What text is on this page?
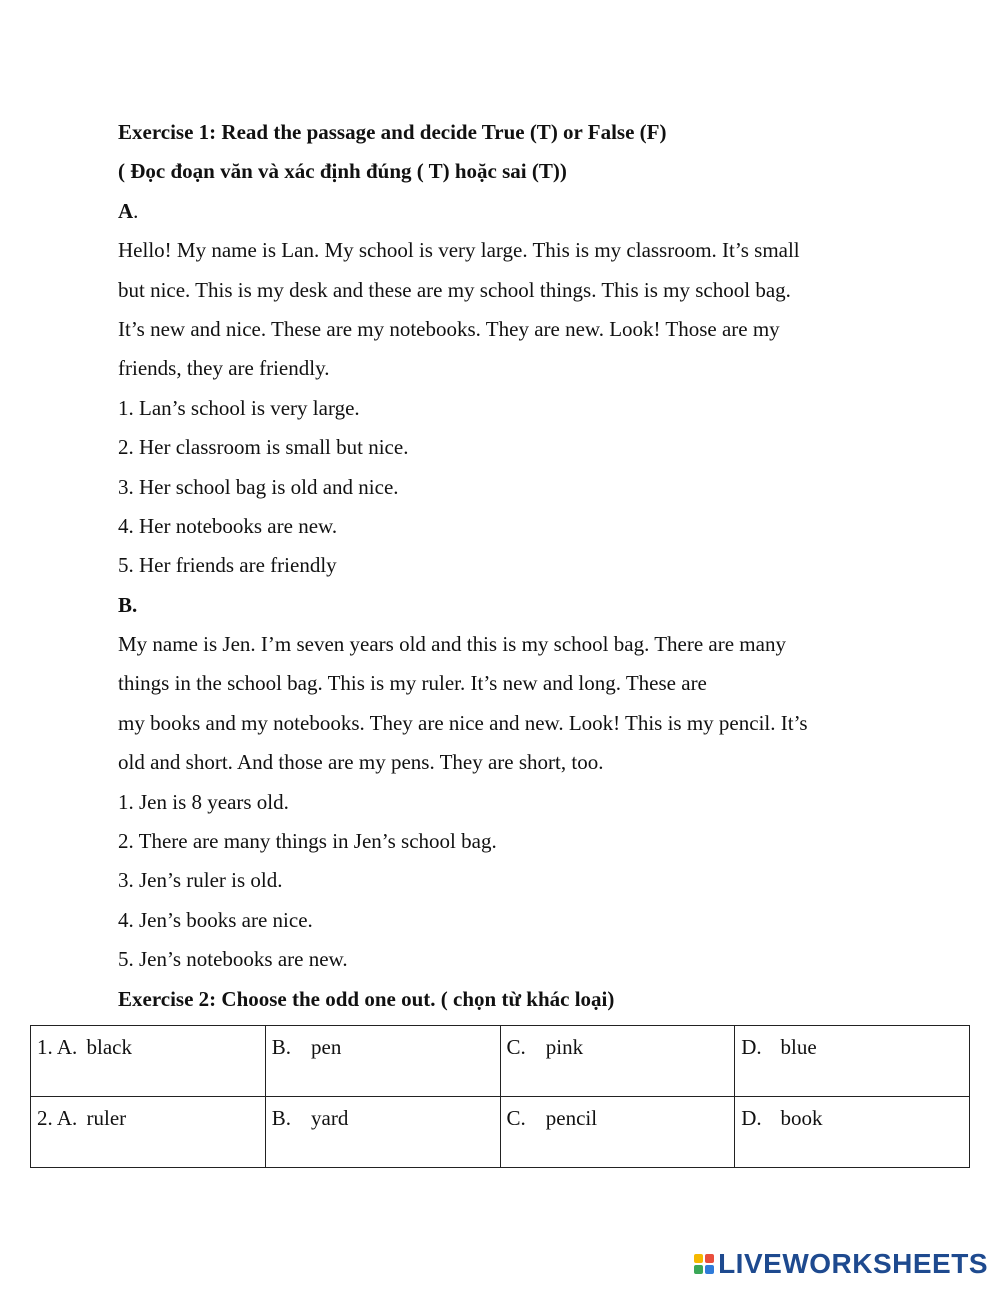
Exercise 1: Read the passage and decide True (T) or False (F)
( Đọc đoạn văn và xác định đúng ( T) hoặc sai (T))
A.
Hello! My name is Lan. My school is very large. This is my classroom. It’s small
but nice. This is my desk and these are my school things. This is my school bag.
It’s new and nice. These are my notebooks. They are new. Look! Those are my
friends, they are friendly.
1. Lan’s school is very large.
2. Her classroom is small but nice.
3. Her school bag is old and nice.
4. Her notebooks are new.
5. Her friends are friendly
B.
My name is Jen. I’m seven years old and this is my school bag. There are many
things in the school bag. This is my ruler. It’s new and long. These are
my books and my notebooks. They are nice and new. Look! This is my pencil. It’s
old and short. And those are my pens. They are short, too.
1. Jen is 8 years old.
2. There are many things in Jen’s school bag.
3. Jen’s ruler is old.
4. Jen’s books are nice.
5. Jen’s notebooks are new.
Exercise 2: Choose the odd one out. ( chọn từ khác loại)
1. A. black	B. pen	C. pink	D. blue
2. A. ruler	B. yard	C. pencil	D. book
LIVEWORKSHEETS
